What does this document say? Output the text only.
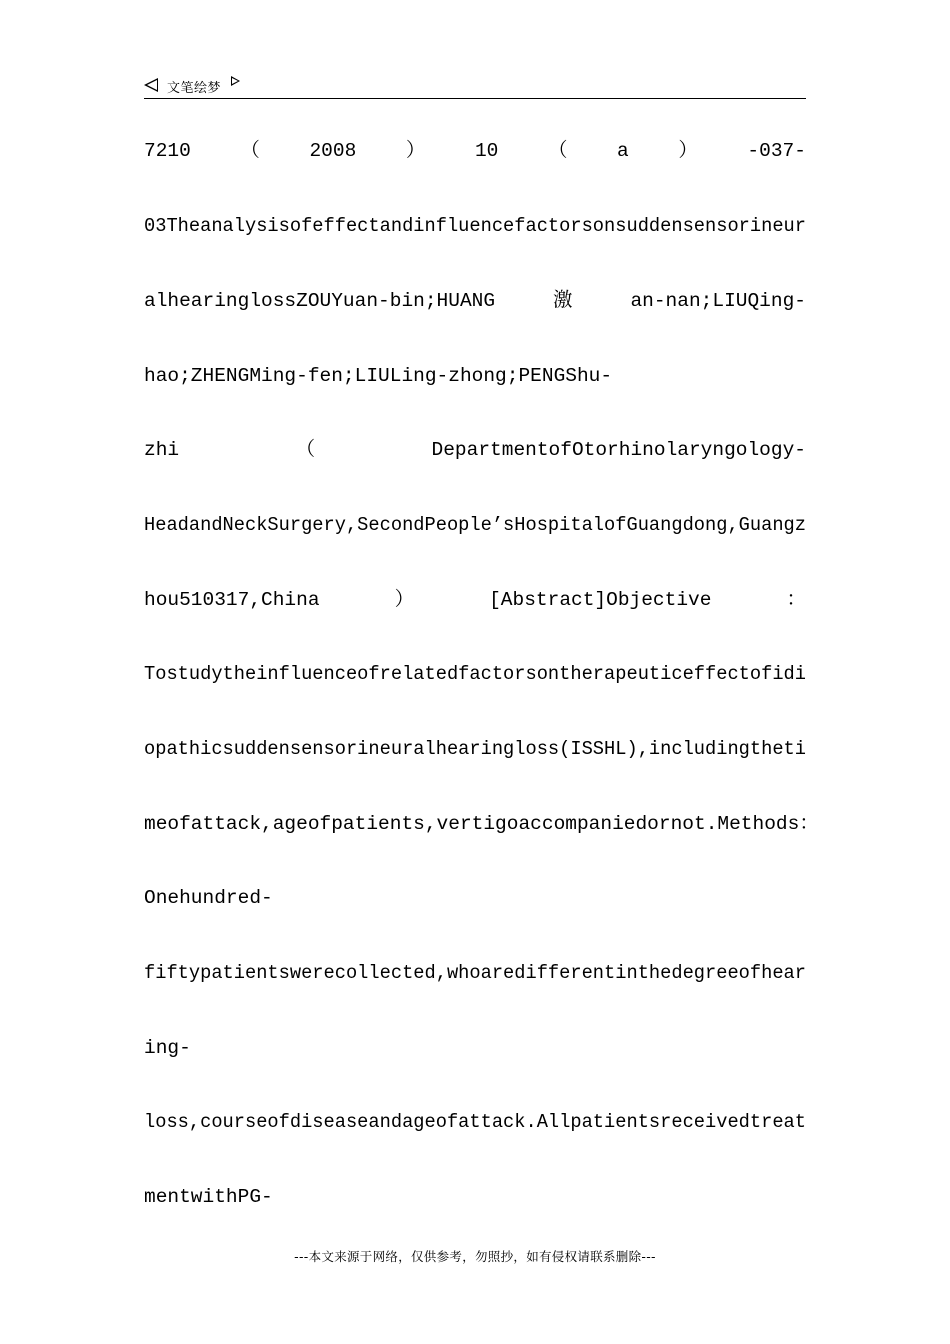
文笔绘梦
7210	（	2008	）	10	（	a	）	-037-
03Theanalysisofeffectandinfluencefactorsonsuddensensorineur
alhearinglossZOUYuan-bin;HUANG	激	an-nan;LIUQing-
hao;ZHENGMing-fen;LIULing-zhong;PENGShu-
zhi	（	DepartmentofOtorhinolaryngology-
HeadandNeckSurgery,SecondPeople’sHospitalofGuangdong,Guangz
hou510317,China	）	[Abstract]Objective	：
Tostudytheinfluenceofrelatedfactorsontherapeuticeffectofidi
opathicsuddensensorineuralhearingloss(ISSHL),includingtheti
meofattack,ageofpatients,vertigoaccompaniedornot.Methods ：
Onehundred-
fiftypatientswerecollected,whoaredifferentinthedegreeofhear
ing-
loss,courseofdiseaseandageofattack.Allpatientsreceivedtreat
mentwithPG-
---本文来源于网络，仅供参考，勿照抄，如有侵权请联系删除---
